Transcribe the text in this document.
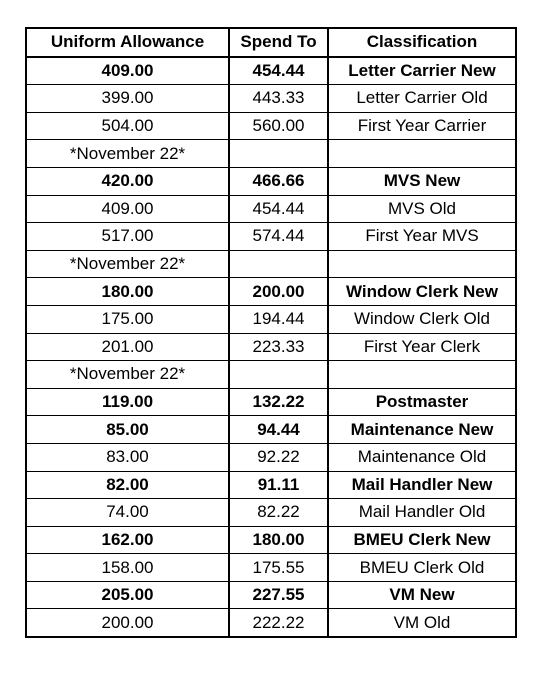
Uniform Allowance	Spend To	Classification
409.00	454.44	Letter Carrier New
399.00	443.33	Letter Carrier Old
504.00	560.00	First Year Carrier
*November 22*		
420.00	466.66	MVS New
409.00	454.44	MVS Old
517.00	574.44	First Year MVS
*November 22*		
180.00	200.00	Window Clerk New
175.00	194.44	Window Clerk Old
201.00	223.33	First Year Clerk
*November 22*		
119.00	132.22	Postmaster
85.00	94.44	Maintenance New
83.00	92.22	Maintenance Old
82.00	91.11	Mail Handler New
74.00	82.22	Mail Handler Old
162.00	180.00	BMEU Clerk New
158.00	175.55	BMEU Clerk Old
205.00	227.55	VM New
200.00	222.22	VM Old
